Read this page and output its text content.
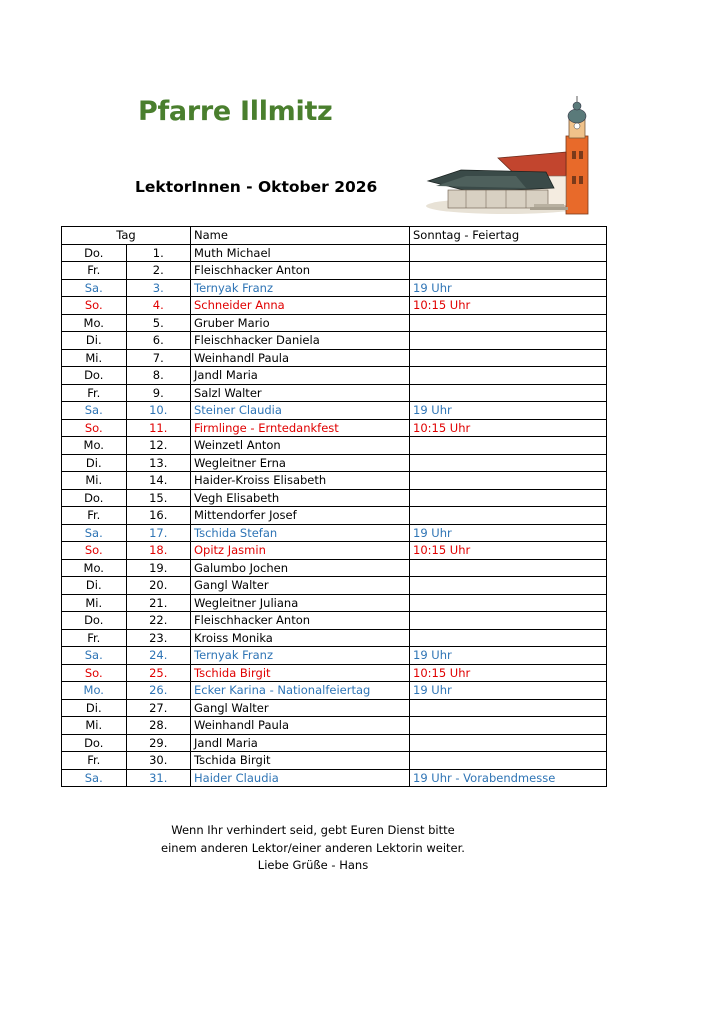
Pfarre Illmitz
LektorInnen - Oktober 2026
Tag		Name	Sonntag - Feiertag
Do.	1.	Muth Michael	
Fr.	2.	Fleischhacker Anton	
Sa.	3.	Ternyak Franz	19 Uhr
So.	4.	Schneider Anna	10:15 Uhr
Mo.	5.	Gruber Mario	
Di.	6.	Fleischhacker Daniela	
Mi.	7.	Weinhandl Paula	
Do.	8.	Jandl Maria	
Fr.	9.	Salzl Walter	
Sa.	10.	Steiner Claudia	19 Uhr
So.	11.	Firmlinge - Erntedankfest	10:15 Uhr
Mo.	12.	Weinzetl Anton	
Di.	13.	Wegleitner Erna	
Mi.	14.	Haider-Kroiss Elisabeth	
Do.	15.	Vegh Elisabeth	
Fr.	16.	Mittendorfer Josef	
Sa.	17.	Tschida Stefan	19 Uhr
So.	18.	Opitz Jasmin	10:15 Uhr
Mo.	19.	Galumbo Jochen	
Di.	20.	Gangl Walter	
Mi.	21.	Wegleitner Juliana	
Do.	22.	Fleischhacker Anton	
Fr.	23.	Kroiss Monika	
Sa.	24.	Ternyak Franz	19 Uhr
So.	25.	Tschida Birgit	10:15 Uhr
Mo.	26.	Ecker Karina - Nationalfeiertag	19 Uhr
Di.	27.	Gangl Walter	
Mi.	28.	Weinhandl Paula	
Do.	29.	Jandl Maria	
Fr.	30.	Tschida Birgit	
Sa.	31.	Haider Claudia	19 Uhr - Vorabendmesse
Wenn Ihr verhindert seid, gebt Euren Dienst bitte
einem anderen Lektor/einer anderen Lektorin weiter.
Liebe Grüße - Hans
